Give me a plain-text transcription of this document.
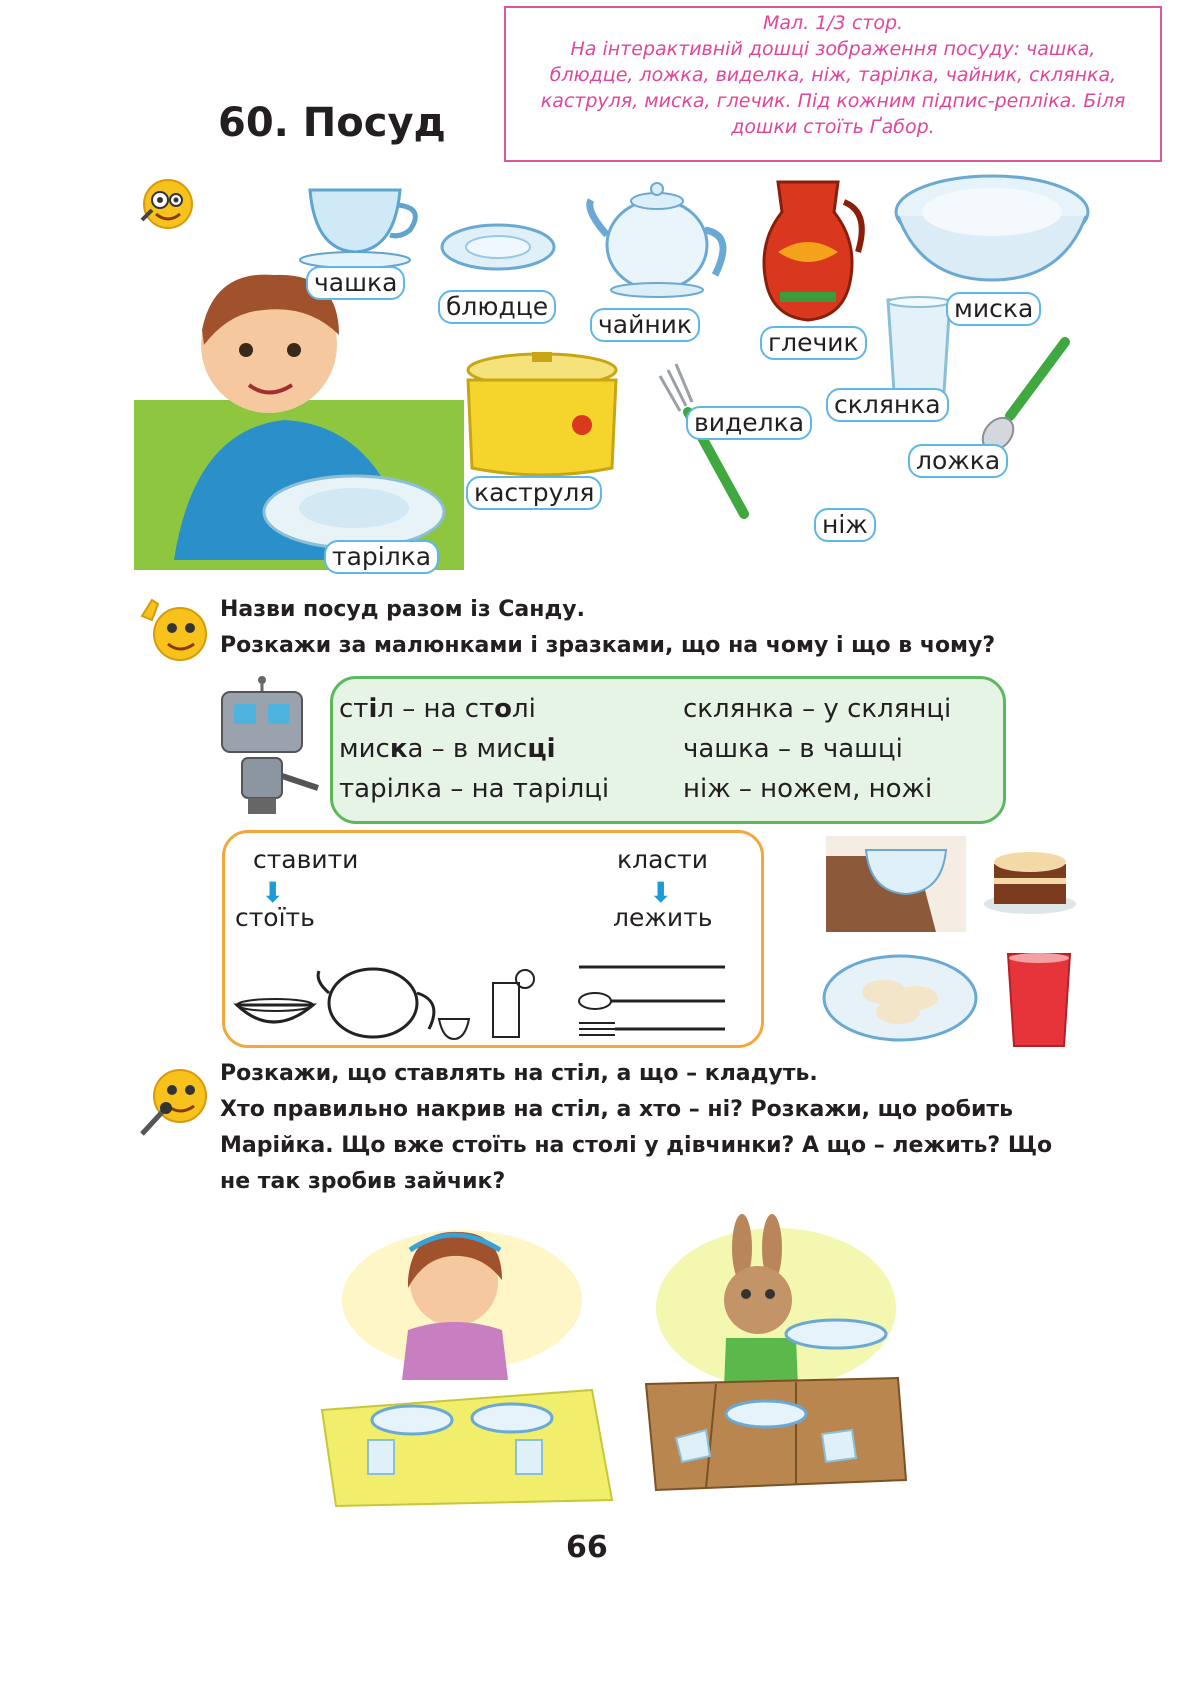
Мал. 1/3 стор.
На інтерактивній дошці зображення посуду: чашка,
блюдце, ложка, виделка, ніж, тарілка, чайник, склянка,
каструля, миска, глечик. Під кожним підпис-репліка. Біля
дошки стоїть Ґабор.
60. Посуд
чашка
блюдце
чайник
глечик
миска
склянка
виделка
ложка
каструля
ніж
тарілка
Назви посуд разом із Санду.
Розкажи за малюнками і зразками, що на чому і що в чому?
стіл – на столі
миска – в мисці
тарілка – на тарілці
склянка – у склянці
чашка – в чашці
ніж – ножем, ножі
ставити
⬇
стоїть
класти
⬇
лежить
Розкажи, що ставлять на стіл, а що – кладуть.
Хто правильно накрив на стіл, а хто – ні? Розкажи, що робить
Марійка. Що вже стоїть на столі у дівчинки? А що – лежить? Що
не так зробив зайчик?
66
